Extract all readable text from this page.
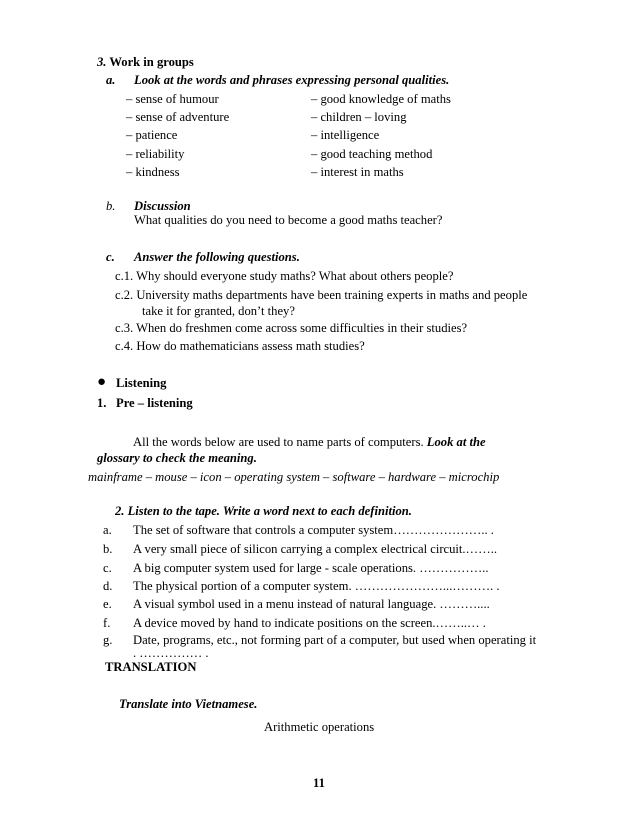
3. Work in groups
a. Look at the words and phrases expressing personal qualities.
– sense of humour
– sense of adventure
– patience
– reliability
– kindness
– good knowledge of maths
– children – loving
– intelligence
– good teaching method
– interest in maths
b. Discussion
What qualities do you need to become a good maths teacher?
c. Answer the following questions.
c.1. Why should everyone study maths? What about others people?
c.2. University maths departments have been training experts in maths and people
take it for granted, don’t they?
c.3. When do freshmen come across some difficulties in their studies?
c.4. How do mathematicians assess math studies?
● Listening
1. Pre – listening
All the words below are used to name parts of computers. Look at the
glossary to check the meaning.
mainframe – mouse – icon – operating system – software – hardware – microchip
2. Listen to the tape. Write a word next to each definition.
a. The set of software that controls a computer system………………….. .
b. A very small piece of silicon carrying a complex electrical circuit.……..
c. A big computer system used for large - scale operations. ……………..
d. The physical portion of a computer system. …………………...………. .
e. A visual symbol used in a menu instead of natural language. ………....
f. A device moved by hand to indicate positions on the screen.……..… .
g. Date, programs, etc., not forming part of a computer, but used when operating it
. …………… .
TRANSLATION
Translate into Vietnamese.
Arithmetic operations
11
